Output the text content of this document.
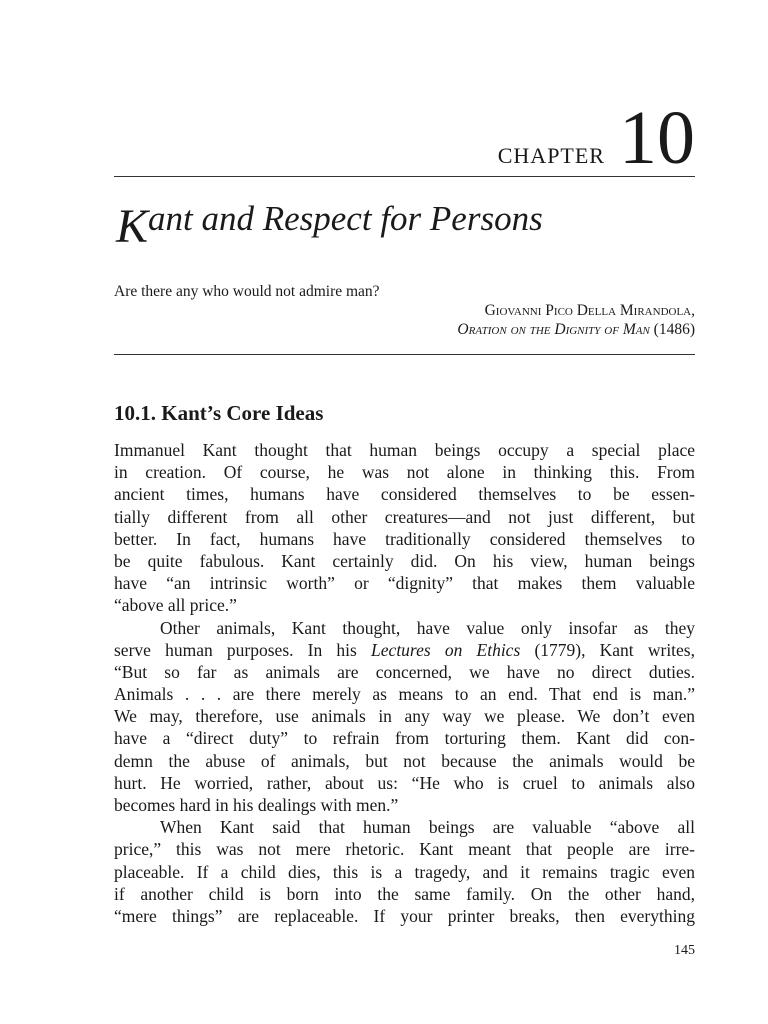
CHAPTER 10
Kant and Respect for Persons
Are there any who would not admire man?
Giovanni Pico Della Mirandola,
Oration on the Dignity of Man (1486)
10.1. Kant’s Core Ideas
Immanuel Kant thought that human beings occupy a special place
in creation. Of course, he was not alone in thinking this. From
ancient times, humans have considered themselves to be essen-
tially different from all other creatures—and not just different, but
better. In fact, humans have traditionally considered themselves to
be quite fabulous. Kant certainly did. On his view, human beings
have “an intrinsic worth” or “dignity” that makes them valuable
“above all price.”
Other animals, Kant thought, have value only insofar as they
serve human purposes. In his Lectures on Ethics (1779), Kant writes,
“But so far as animals are concerned, we have no direct duties.
Animals . . . are there merely as means to an end. That end is man.”
We may, therefore, use animals in any way we please. We don’t even
have a “direct duty” to refrain from torturing them. Kant did con-
demn the abuse of animals, but not because the animals would be
hurt. He worried, rather, about us: “He who is cruel to animals also
becomes hard in his dealings with men.”
When Kant said that human beings are valuable “above all
price,” this was not mere rhetoric. Kant meant that people are irre-
placeable. If a child dies, this is a tragedy, and it remains tragic even
if another child is born into the same family. On the other hand,
“mere things” are replaceable. If your printer breaks, then everything
145
